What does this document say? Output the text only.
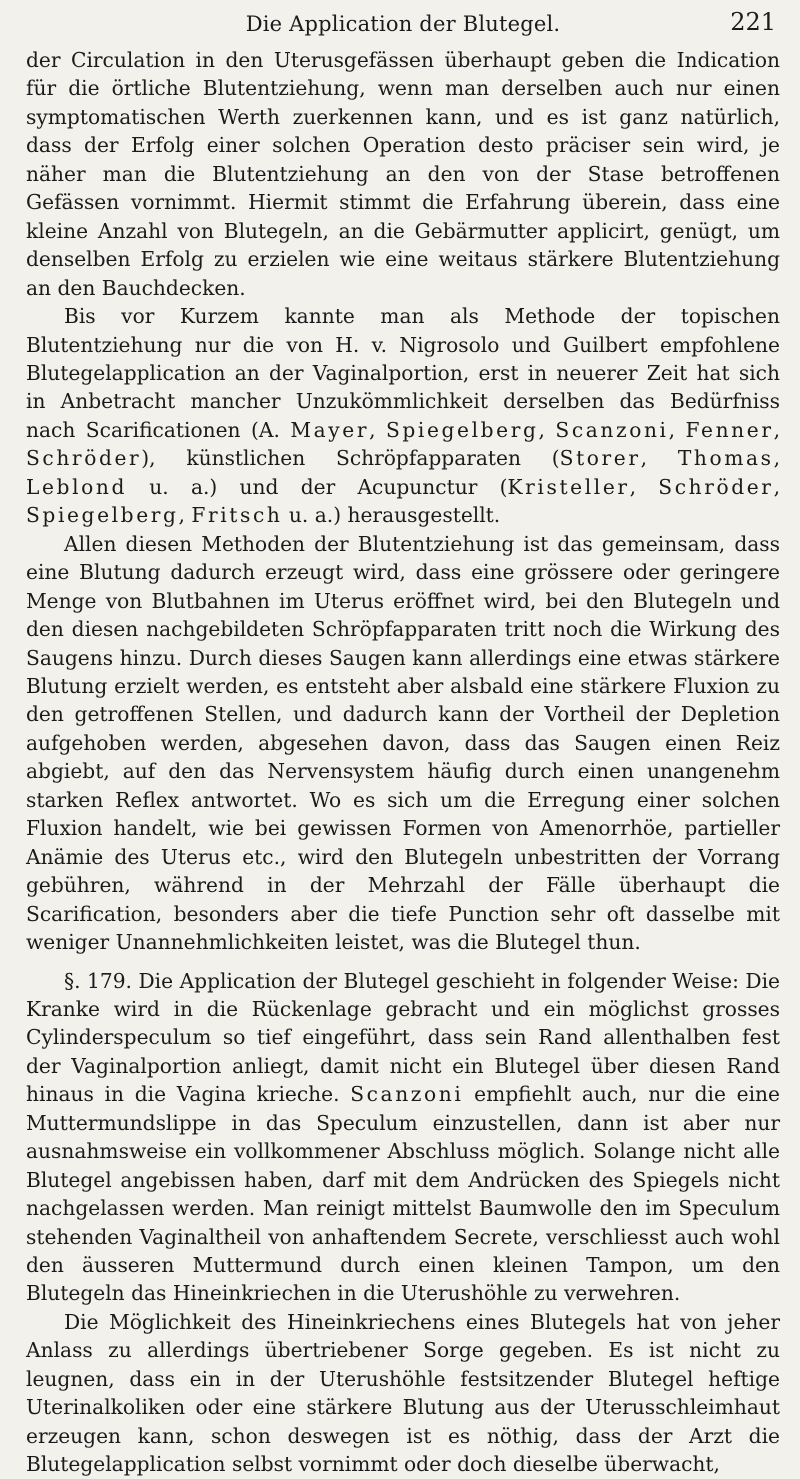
Die Application der Blutegel.	221

der Circulation in den Uterusgefässen überhaupt geben die Indication für die örtliche Blutentziehung, wenn man derselben auch nur einen symptomatischen Werth zuerkennen kann, und es ist ganz natürlich, dass der Erfolg einer solchen Operation desto präciser sein wird, je näher man die Blutentziehung an den von der Stase betroffenen Gefässen vornimmt. Hiermit stimmt die Erfahrung überein, dass eine kleine Anzahl von Blutegeln, an die Gebärmutter applicirt, genügt, um denselben Erfolg zu erzielen wie eine weitaus stärkere Blutentziehung an den Bauchdecken.

Bis vor Kurzem kannte man als Methode der topischen Blutentziehung nur die von H. v. Nigrosolo und Guilbert empfohlene Blutegelapplication an der Vaginalportion, erst in neuerer Zeit hat sich in Anbetracht mancher Unzukömmlichkeit derselben das Bedürfniss nach Scarificationen (A. Mayer, Spiegelberg, Scanzoni, Fenner, Schröder), künstlichen Schröpfapparaten (Storer, Thomas, Leblond u. a.) und der Acupunctur (Kristeller, Schröder, Spiegelberg, Fritsch u. a.) herausgestellt.

Allen diesen Methoden der Blutentziehung ist das gemeinsam, dass eine Blutung dadurch erzeugt wird, dass eine grössere oder geringere Menge von Blutbahnen im Uterus eröffnet wird, bei den Blutegeln und den diesen nachgebildeten Schröpfapparaten tritt noch die Wirkung des Saugens hinzu. Durch dieses Saugen kann allerdings eine etwas stärkere Blutung erzielt werden, es entsteht aber alsbald eine stärkere Fluxion zu den getroffenen Stellen, und dadurch kann der Vortheil der Depletion aufgehoben werden, abgesehen davon, dass das Saugen einen Reiz abgiebt, auf den das Nervensystem häufig durch einen unangenehm starken Reflex antwortet. Wo es sich um die Erregung einer solchen Fluxion handelt, wie bei gewissen Formen von Amenorrhöe, partieller Anämie des Uterus etc., wird den Blutegeln unbestritten der Vorrang gebühren, während in der Mehrzahl der Fälle überhaupt die Scarification, besonders aber die tiefe Punction sehr oft dasselbe mit weniger Unannehmlichkeiten leistet, was die Blutegel thun.

§. 179. Die Application der Blutegel geschieht in folgender Weise: Die Kranke wird in die Rückenlage gebracht und ein möglichst grosses Cylinderspeculum so tief eingeführt, dass sein Rand allenthalben fest der Vaginalportion anliegt, damit nicht ein Blutegel über diesen Rand hinaus in die Vagina krieche. Scanzoni empfiehlt auch, nur die eine Muttermundslippe in das Speculum einzustellen, dann ist aber nur ausnahmsweise ein vollkommener Abschluss möglich. Solange nicht alle Blutegel angebissen haben, darf mit dem Andrücken des Spiegels nicht nachgelassen werden. Man reinigt mittelst Baumwolle den im Speculum stehenden Vaginaltheil von anhaftendem Secrete, verschliesst auch wohl den äusseren Muttermund durch einen kleinen Tampon, um den Blutegeln das Hineinkriechen in die Uterushöhle zu verwehren.

Die Möglichkeit des Hineinkriechens eines Blutegels hat von jeher Anlass zu allerdings übertriebener Sorge gegeben. Es ist nicht zu leugnen, dass ein in der Uterushöhle festsitzender Blutegel heftige Uterinalkoliken oder eine stärkere Blutung aus der Uterusschleimhaut erzeugen kann, schon deswegen ist es nöthig, dass der Arzt die Blutegelapplication selbst vornimmt oder doch dieselbe überwacht,
